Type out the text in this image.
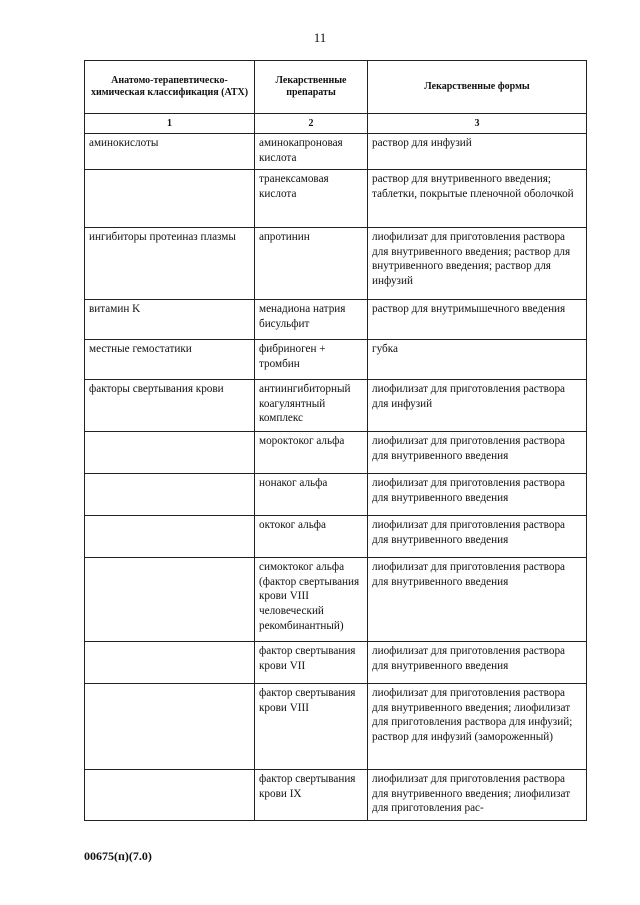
11
Анатомо-терапевтическо-химическая классификация (АТХ)	Лекарственные препараты	Лекарственные формы
1	2	3
аминокислоты	аминокапроновая кислота	раствор для инфузий
	транексамовая кислота	раствор для внутривенного введения; таблетки, покрытые пленочной оболочкой
ингибиторы протеиназ плазмы	апротинин	лиофилизат для приготовления раствора для внутривенного введения; раствор для внутривенного введения; раствор для инфузий
витамин K	менадиона натрия бисульфит	раствор для внутримышечного введения
местные гемостатики	фибриноген + тромбин	губка
факторы свертывания крови	антиингибиторный коагулянтный комплекс	лиофилизат для приготовления раствора для инфузий
	мороктоког альфа	лиофилизат для приготовления раствора для внутривенного введения
	нонаког альфа	лиофилизат для приготовления раствора для внутривенного введения
	октоког альфа	лиофилизат для приготовления раствора для внутривенного введения
	симоктоког альфа (фактор свертывания крови VIII человеческий рекомбинантный)	лиофилизат для приготовления раствора для внутривенного введения
	фактор свертывания крови VII	лиофилизат для приготовления раствора для внутривенного введения
	фактор свертывания крови VIII	лиофилизат для приготовления раствора для внутривенного введения; лиофилизат для приготовления раствора для инфузий; раствор для инфузий (замороженный)
	фактор свертывания крови IX	лиофилизат для приготовления раствора для внутривенного введения; лиофилизат для приготовления рас-
00675(п)(7.0)
